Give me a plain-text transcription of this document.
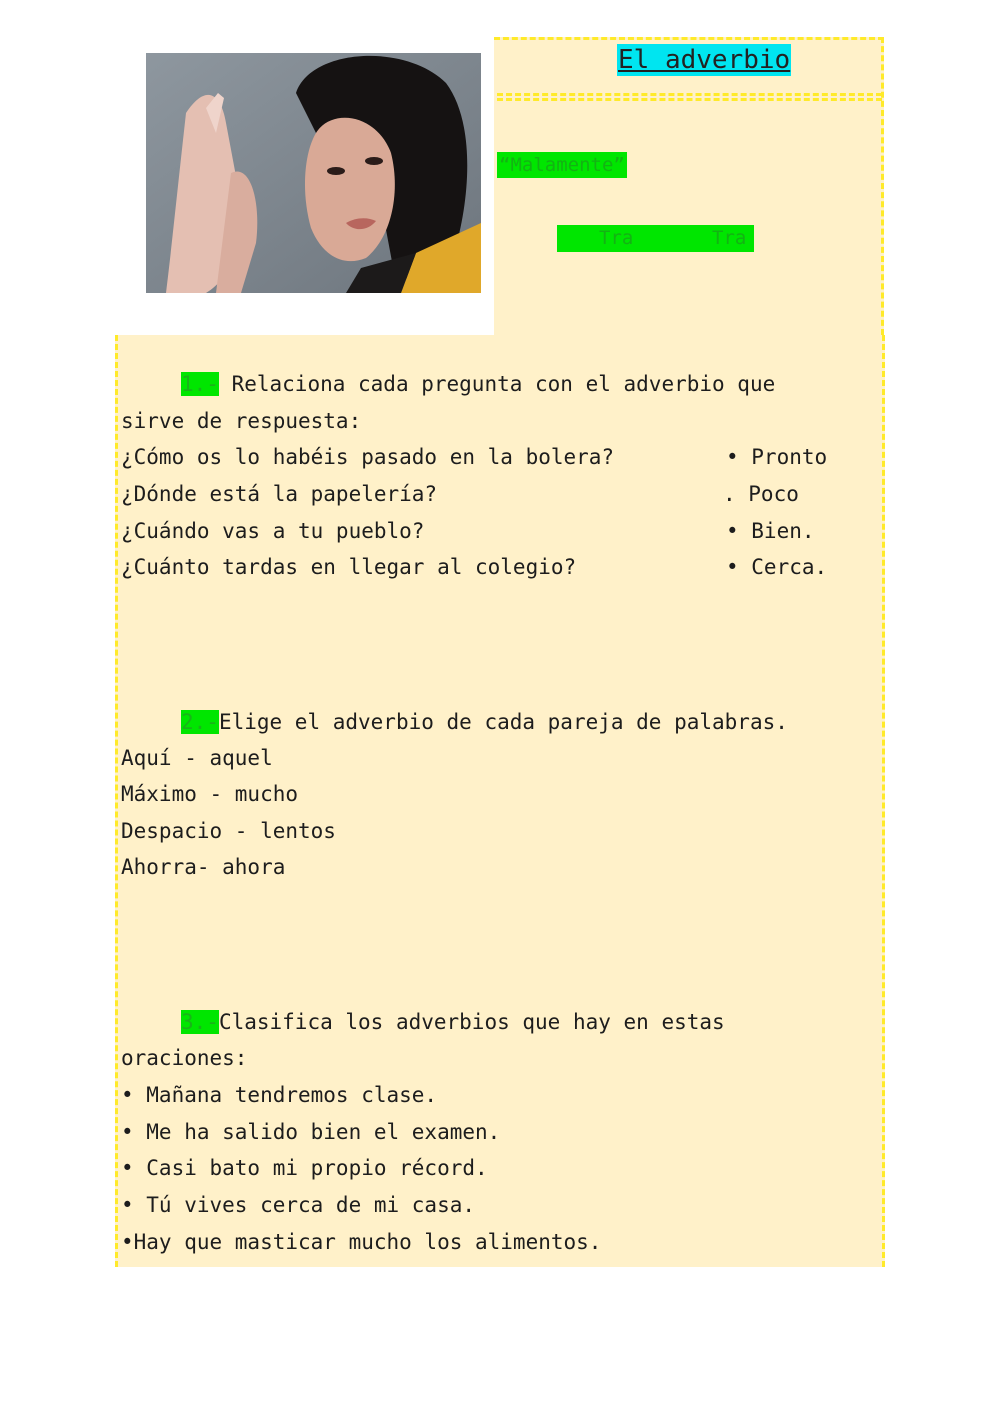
El adverbio
“Malamente”
Tra	Tra
1.- Relaciona cada pregunta con el adverbio que
sirve de respuesta:
¿Cómo os lo habéis pasado en la bolera?
¿Dónde está la papelería?
¿Cuándo vas a tu pueblo?
¿Cuánto tardas en llegar al colegio?
• Pronto
. Poco
• Bien.
• Cerca.
2.-Elige el adverbio de cada pareja de palabras.
Aquí - aquel
Máximo - mucho
Despacio - lentos
Ahorra- ahora
3.-Clasifica los adverbios que hay en estas
oraciones:
• Mañana tendremos clase.
• Me ha salido bien el examen.
• Casi bato mi propio récord.
• Tú vives cerca de mi casa.
•Hay que masticar mucho los alimentos.
